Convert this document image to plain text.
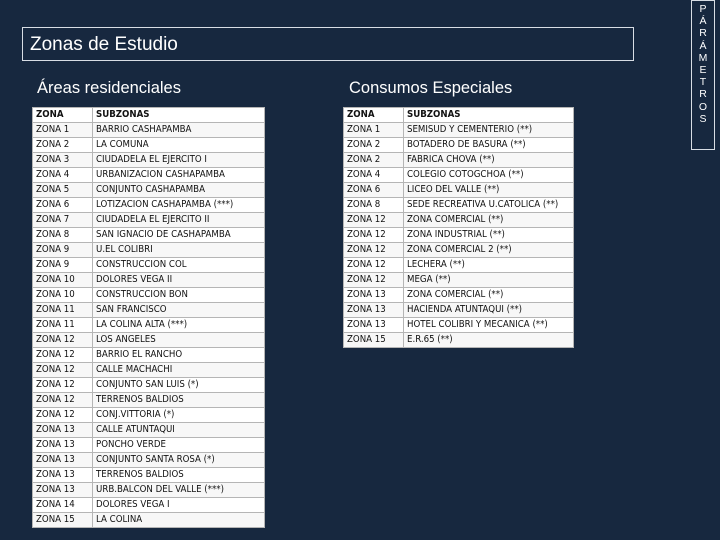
Zonas de Estudio
P
Á
R
Á
M
E
T
R
O
S
Áreas residenciales	Consumos Especiales
ZONA	SUBZONAS
ZONA 1	BARRIO CASHAPAMBA
ZONA 2	LA COMUNA
ZONA 3	CIUDADELA EL EJERCITO I
ZONA 4	URBANIZACION CASHAPAMBA
ZONA 5	CONJUNTO CASHAPAMBA
ZONA 6	LOTIZACION CASHAPAMBA (***)
ZONA 7	CIUDADELA EL EJERCITO II
ZONA 8	SAN IGNACIO DE CASHAPAMBA
ZONA 9	U.EL COLIBRI
ZONA 9	CONSTRUCCION COL
ZONA 10	DOLORES VEGA II
ZONA 10	CONSTRUCCION BON
ZONA 11	SAN FRANCISCO
ZONA 11	LA COLINA ALTA (***)
ZONA 12	LOS ANGELES
ZONA 12	BARRIO EL RANCHO
ZONA 12	CALLE MACHACHI
ZONA 12	CONJUNTO SAN LUIS (*)
ZONA 12	TERRENOS BALDIOS
ZONA 12	CONJ.VITTORIA (*)
ZONA 13	CALLE ATUNTAQUI
ZONA 13	PONCHO VERDE
ZONA 13	CONJUNTO SANTA ROSA (*)
ZONA 13	TERRENOS BALDIOS
ZONA 13	URB.BALCON DEL VALLE (***)
ZONA 14	DOLORES VEGA I
ZONA 15	LA COLINA
ZONA	SUBZONAS
ZONA 1	SEMISUD Y CEMENTERIO (**)
ZONA 2	BOTADERO DE BASURA (**)
ZONA 2	FABRICA CHOVA (**)
ZONA 4	COLEGIO COTOGCHOA (**)
ZONA 6	LICEO DEL VALLE (**)
ZONA 8	SEDE RECREATIVA U.CATOLICA (**)
ZONA 12	ZONA COMERCIAL (**)
ZONA 12	ZONA INDUSTRIAL (**)
ZONA 12	ZONA COMERCIAL 2 (**)
ZONA 12	LECHERA (**)
ZONA 12	MEGA (**)
ZONA 13	ZONA COMERCIAL (**)
ZONA 13	HACIENDA ATUNTAQUI (**)
ZONA 13	HOTEL COLIBRI Y MECANICA (**)
ZONA 15	E.R.65 (**)
